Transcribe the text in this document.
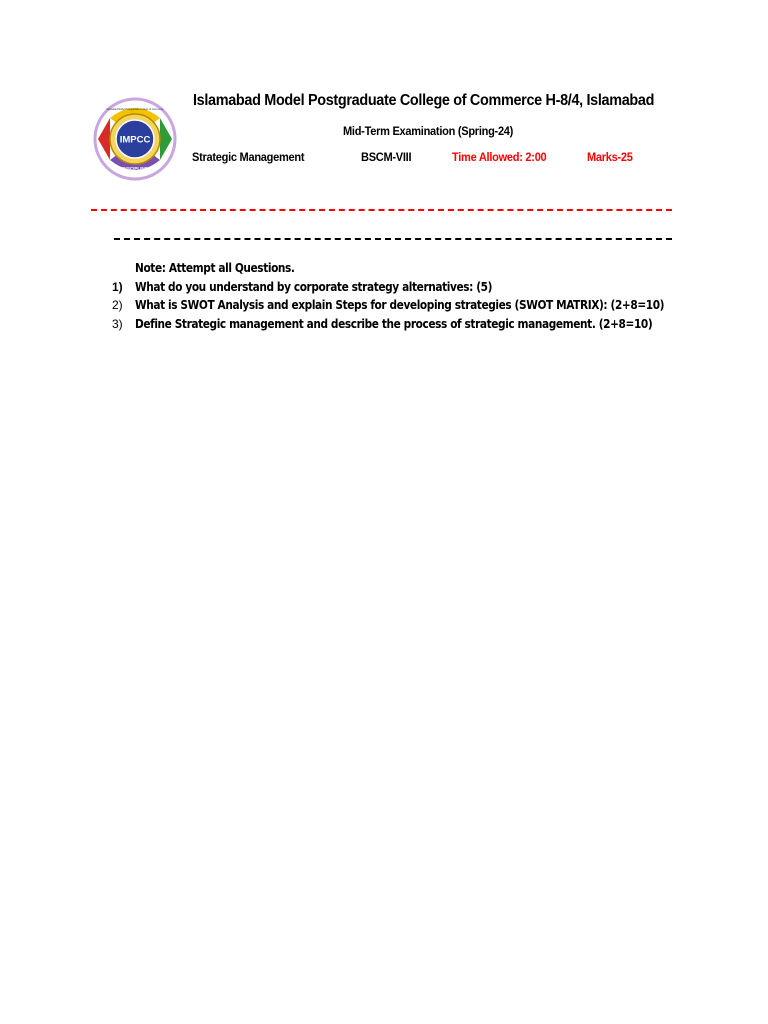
IMPCC
DISCIPLINE
Islamabad Model Postgraduate College of Commerce
Islamabad Model Postgraduate College of Commerce H-8/4, Islamabad
Mid-Term Examination (Spring-24)
Strategic Management	BSCM-VIII	Time Allowed: 2:00	Marks-25
Note: Attempt all Questions.
1) What do you understand by corporate strategy alternatives: (5)
2) What is SWOT Analysis and explain Steps for developing strategies (SWOT MATRIX): (2+8=10)
3) Define Strategic management and describe the process of strategic management. (2+8=10)
